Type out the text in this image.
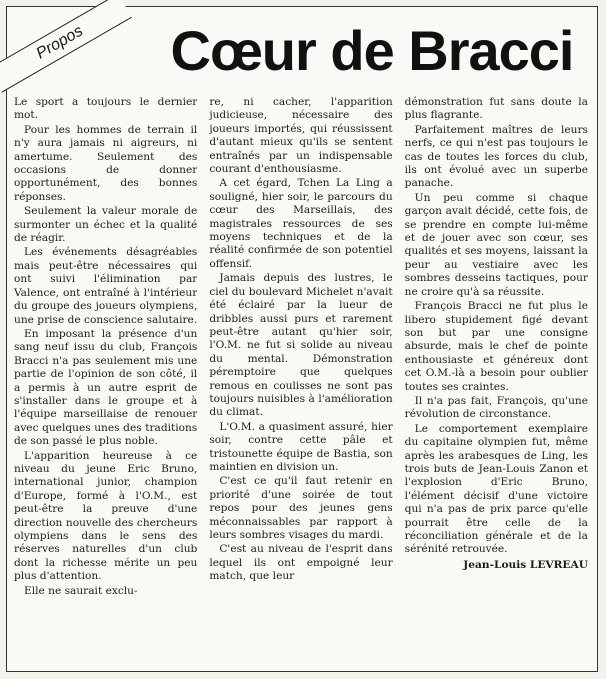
Propos Cœur de Bracci

Le sport a toujours le dernier mot.

Pour les hommes de terrain il n'y aura jamais ni aigreurs, ni amertume. Seulement des occasions de donner opportunément, des bonnes réponses.

Seulement la valeur morale de surmonter un échec et la qualité de réagir.

Les événements désagréables mais peut-être nécessaires qui ont suivi l'élimination par Valence, ont entraîné à l'intérieur du groupe des joueurs olympiens, une prise de conscience salutaire.

En imposant la présence d'un sang neuf issu du club, François Bracci n'a pas seulement mis une partie de l'opinion de son côté, il a permis à un autre esprit de s'installer dans le groupe et à l'équipe marseillaise de renouer avec quelques unes des traditions de son passé le plus noble.

L'apparition heureuse à ce niveau du jeune Eric Bruno, international junior, champion d'Europe, formé à l'O.M., est peut-être la preuve d'une direction nouvelle des chercheurs olympiens dans le sens des réserves naturelles d'un club dont la richesse mérite un peu plus d'attention.

Elle ne saurait exclu-

re, ni cacher, l'apparition judicieuse, nécessaire des joueurs importés, qui réussissent d'autant mieux qu'ils se sentent entraînés par un indispensable courant d'enthousiasme.

A cet égard, Tchen La Ling a souligné, hier soir, le parcours du cœur des Marseillais, des magistrales ressources de ses moyens techniques et de la réalité confirmée de son potentiel offensif.

Jamais depuis des lustres, le ciel du boulevard Michelet n'avait été éclairé par la lueur de dribbles aussi purs et rarement peut-être autant qu'hier soir, l'O.M. ne fut si solide au niveau du mental. Démonstration péremptoire que quelques remous en coulisses ne sont pas toujours nuisibles à l'amélioration du climat.

L'O.M. a quasiment assuré, hier soir, contre cette pâle et tristounette équipe de Bastia, son maintien en division un.

C'est ce qu'il faut retenir en priorité d'une soirée de tout repos pour des jeunes gens méconnaissables par rapport à leurs sombres visages du mardi.

C'est au niveau de l'esprit dans lequel ils ont empoigné leur match, que leur

démonstration fut sans doute la plus flagrante.

Parfaitement maîtres de leurs nerfs, ce qui n'est pas toujours le cas de toutes les forces du club, ils ont évolué avec un superbe panache.

Un peu comme si chaque garçon avait décidé, cette fois, de se prendre en compte lui-même et de jouer avec son cœur, ses qualités et ses moyens, laissant la peur au vestiaire avec les sombres desseins tactiques, pour ne croire qu'à sa réussite.

François Bracci ne fut plus le libero stupidement figé devant son but par une consigne absurde, mais le chef de pointe enthousiaste et généreux dont cet O.M.-là a besoin pour oublier toutes ses craintes.

Il n'a pas fait, François, qu'une révolution de circonstance.

Le comportement exemplaire du capitaine olympien fut, même après les arabesques de Ling, les trois buts de Jean-Louis Zanon et l'explosion d'Eric Bruno, l'élément décisif d'une victoire qui n'a pas de prix parce qu'elle pourrait être celle de la réconciliation générale et de la sérénité retrouvée.

Jean-Louis LEVREAU
